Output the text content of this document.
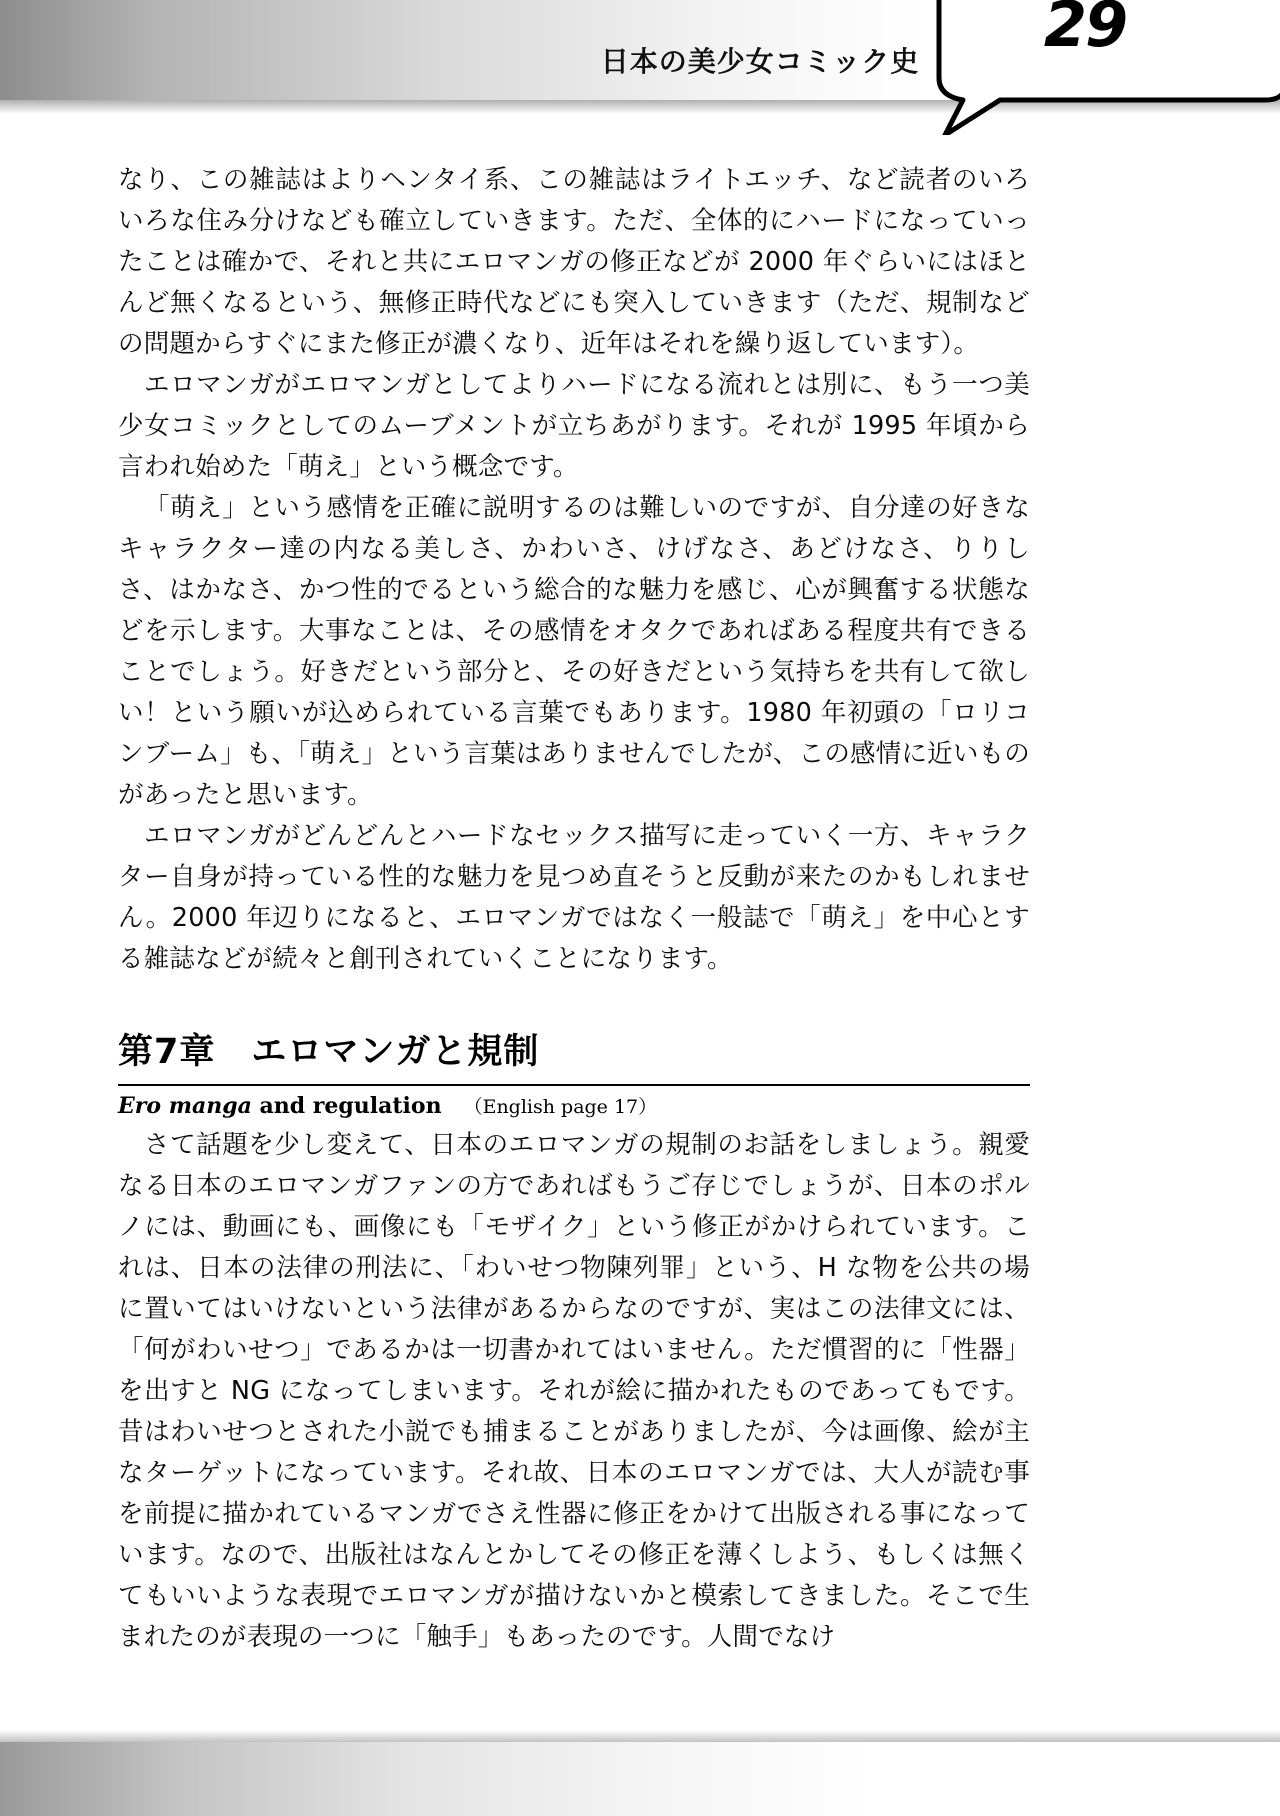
日本の美少女コミック史
29

なり、この雑誌はよりヘンタイ系、この雑誌はライトエッチ、など読者のいろいろな住み分けなども確立していきます。ただ、全体的にハードになっていったことは確かで、それと共にエロマンガの修正などが 2000 年ぐらいにはほとんど無くなるという、無修正時代などにも突入していきます（ただ、規制などの問題からすぐにまた修正が濃くなり、近年はそれを繰り返しています）。

エロマンガがエロマンガとしてよりハードになる流れとは別に、もう一つ美少女コミックとしてのムーブメントが立ちあがります。それが 1995 年頃から言われ始めた「萌え」という概念です。

「萌え」という感情を正確に説明するのは難しいのですが、自分達の好きなキャラクター達の内なる美しさ、かわいさ、けげなさ、あどけなさ、りりしさ、はかなさ、かつ性的でるという総合的な魅力を感じ、心が興奮する状態などを示します。大事なことは、その感情をオタクであればある程度共有できることでしょう。好きだという部分と、その好きだという気持ちを共有して欲しい！という願いが込められている言葉でもあります。1980 年初頭の「ロリコンブーム」も、「萌え」という言葉はありませんでしたが、この感情に近いものがあったと思います。

エロマンガがどんどんとハードなセックス描写に走っていく一方、キャラクター自身が持っている性的な魅力を見つめ直そうと反動が来たのかもしれません。2000 年辺りになると、エロマンガではなく一般誌で「萌え」を中心とする雑誌などが続々と創刊されていくことになります。

第7章　エロマンガと規制

Ero manga and regulation （English page 17）

さて話題を少し変えて、日本のエロマンガの規制のお話をしましょう。親愛なる日本のエロマンガファンの方であればもうご存じでしょうが、日本のポルノには、動画にも、画像にも「モザイク」という修正がかけられています。これは、日本の法律の刑法に、「わいせつ物陳列罪」という、H な物を公共の場に置いてはいけないという法律があるからなのですが、実はこの法律文には、「何がわいせつ」であるかは一切書かれてはいません。ただ慣習的に「性器」を出すと NG になってしまいます。それが絵に描かれたものであってもです。昔はわいせつとされた小説でも捕まることがありましたが、今は画像、絵が主なターゲットになっています。それ故、日本のエロマンガでは、大人が読む事を前提に描かれているマンガでさえ性器に修正をかけて出版される事になっています。なので、出版社はなんとかしてその修正を薄くしよう、もしくは無くてもいいような表現でエロマンガが描けないかと模索してきました。そこで生まれたのが表現の一つに「触手」もあったのです。人間でなけ
